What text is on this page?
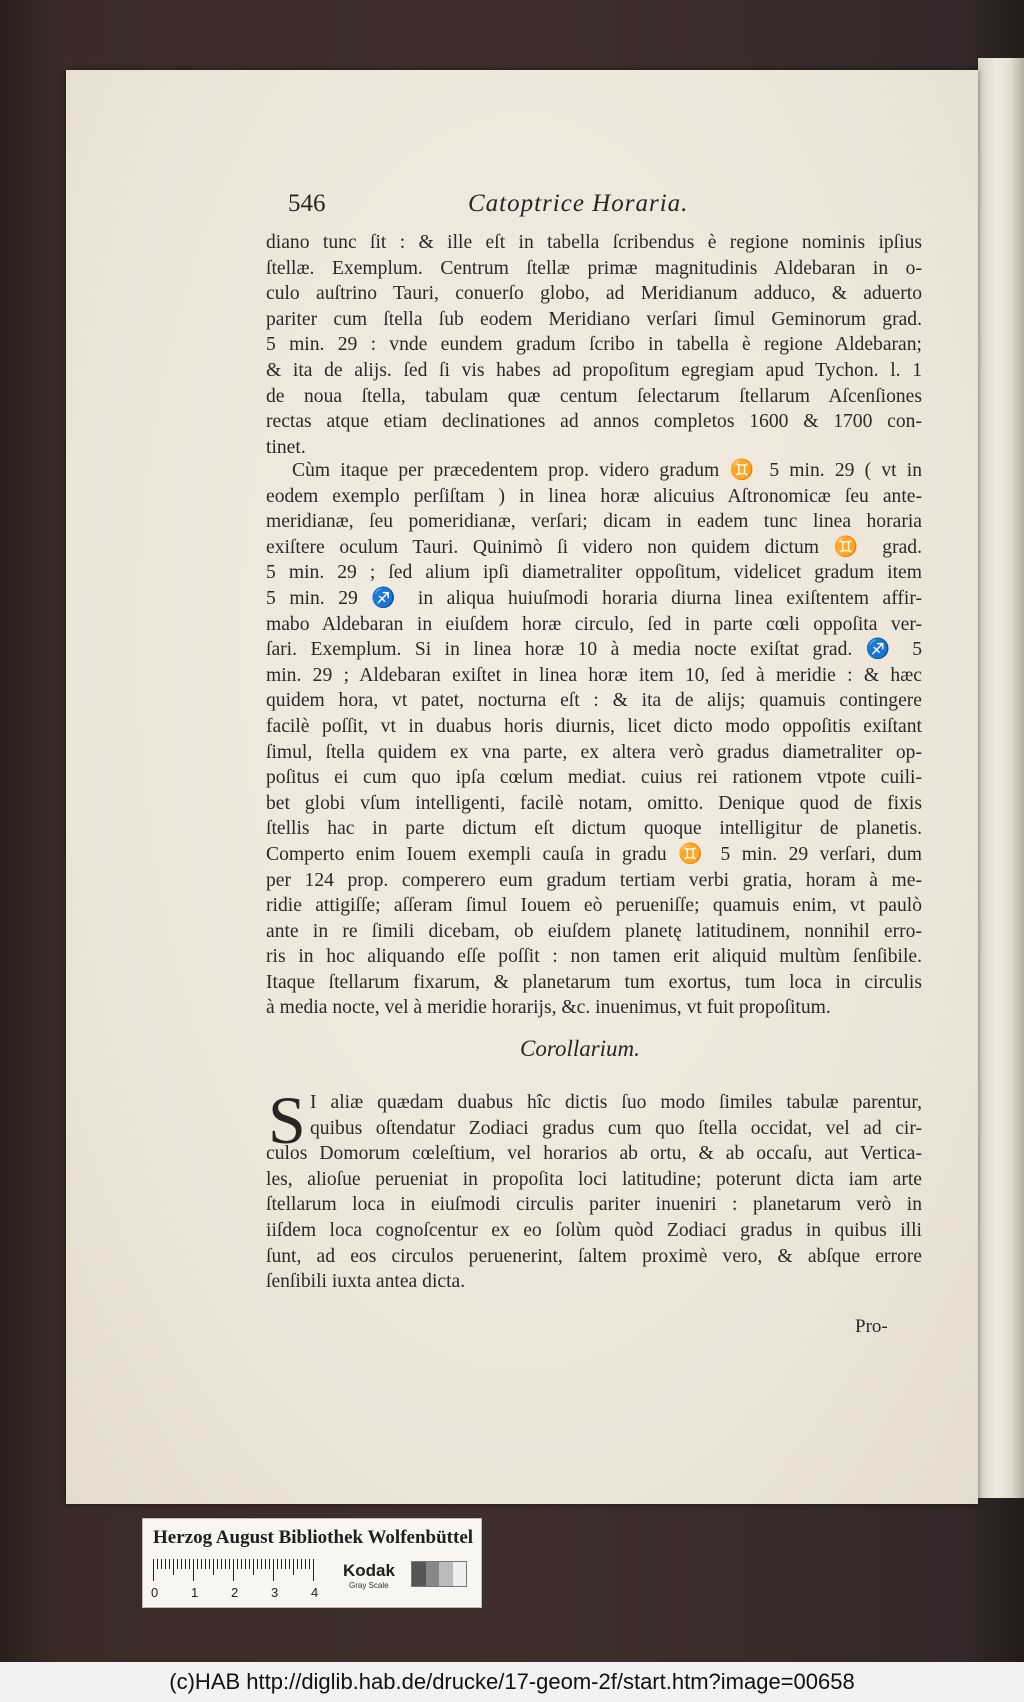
546	Catoptrice Horaria.
diano tunc ſit : & ille eſt in tabella ſcribendus è regione nominis ipſius
ſtellæ. Exemplum. Centrum ſtellæ primæ magnitudinis Aldebaran in o-
culo auſtrino Tauri, conuerſo globo, ad Meridianum adduco, & aduerto
pariter cum ſtella ſub eodem Meridiano verſari ſimul Geminorum grad.
5 min. 29 : vnde eundem gradum ſcribo in tabella è regione Aldebaran;
& ita de alijs. ſed ſi vis habes ad propoſitum egregiam apud Tychon. l. 1
de noua ſtella, tabulam quæ centum ſelectarum ſtellarum Aſcenſiones
rectas atque etiam declinationes ad annos completos 1600 & 1700 con-
tinet.
Cùm itaque per præcedentem prop. videro gradum ♊ 5 min. 29 ( vt in
eodem exemplo perſiſtam ) in linea horæ alicuius Aſtronomicæ ſeu ante-
meridianæ, ſeu pomeridianæ, verſari; dicam in eadem tunc linea horaria
exiſtere oculum Tauri. Quinimò ſi videro non quidem dictum ♊ grad.
5 min. 29 ; ſed alium ipſi diametraliter oppoſitum, videlicet gradum item
5 min. 29 ♐ in aliqua huiuſmodi horaria diurna linea exiſtentem affir-
mabo Aldebaran in eiuſdem horæ circulo, ſed in parte cœli oppoſita ver-
ſari. Exemplum. Si in linea horæ 10 à media nocte exiſtat grad. ♐ 5
min. 29 ; Aldebaran exiſtet in linea horæ item 10, ſed à meridie : & hæc
quidem hora, vt patet, nocturna eſt : & ita de alijs; quamuis contingere
facilè poſſit, vt in duabus horis diurnis, licet dicto modo oppoſitis exiſtant
ſimul, ſtella quidem ex vna parte, ex altera verò gradus diametraliter op-
poſitus ei cum quo ipſa cœlum mediat. cuius rei rationem vtpote cuili-
bet globi vſum intelligenti, facilè notam, omitto. Denique quod de fixis
ſtellis hac in parte dictum eſt dictum quoque intelligitur de planetis.
Comperto enim Iouem exempli cauſa in gradu ♊ 5 min. 29 verſari, dum
per 124 prop. comperero eum gradum tertiam verbi gratia, horam à me-
ridie attigiſſe; aſſeram ſimul Iouem eò perueniſſe; quamuis enim, vt paulò
ante in re ſimili dicebam, ob eiuſdem planetę latitudinem, nonnihil erro-
ris in hoc aliquando eſſe poſſit : non tamen erit aliquid multùm ſenſibile.
Itaque ſtellarum fixarum, & planetarum tum exortus, tum loca in circulis
à media nocte, vel à meridie horarijs, &c. inuenimus, vt fuit propoſitum.
Corollarium.
S I aliæ quædam duabus hîc dictis ſuo modo ſimiles tabulæ parentur,
quibus oſtendatur Zodiaci gradus cum quo ſtella occidat, vel ad cir-
culos Domorum cœleſtium, vel horarios ab ortu, & ab occaſu, aut Vertica-
les, alioſue perueniat in propoſita loci latitudine; poterunt dicta iam arte
ſtellarum loca in eiuſmodi circulis pariter inueniri : planetarum verò in
iiſdem loca cognoſcentur ex eo ſolùm quòd Zodiaci gradus in quibus illi
ſunt, ad eos circulos peruenerint, ſaltem proximè vero, & abſque errore
ſenſibili iuxta antea dicta.
Pro-
Herzog August Bibliothek Wolfenbüttel
0	1	2	3	4
Kodak
Gray Scale
(c)HAB http://diglib.hab.de/drucke/17-geom-2f/start.htm?image=00658
